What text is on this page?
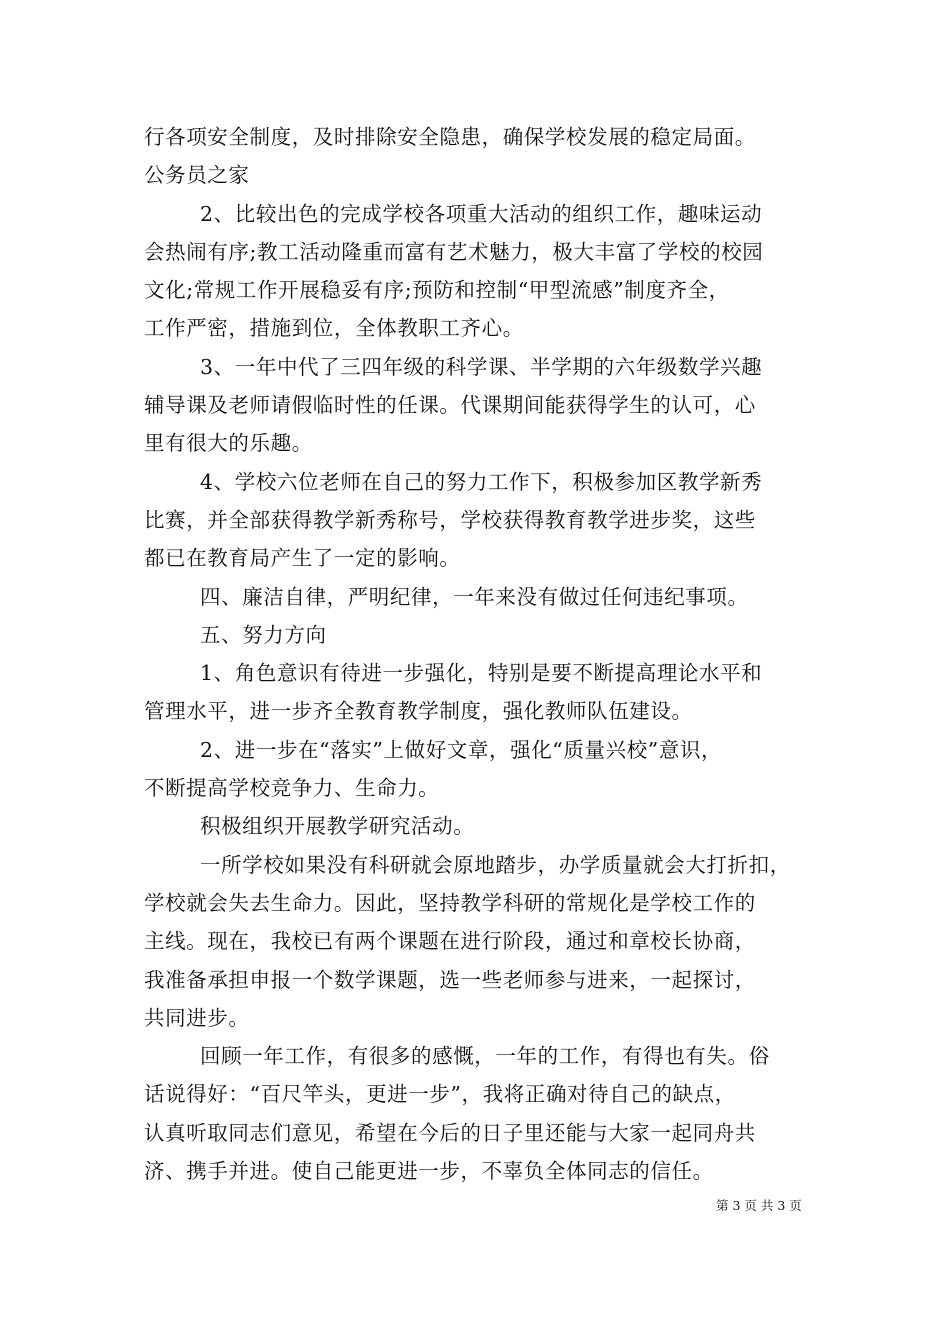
行各项安全制度，及时排除安全隐患，确保学校发展的稳定局面。
公务员之家
2、比较出色的完成学校各项重大活动的组织工作，趣味运动
会热闹有序;教工活动隆重而富有艺术魅力，极大丰富了学校的校园
文化;常规工作开展稳妥有序;预防和控制“甲型流感”制度齐全，
工作严密，措施到位，全体教职工齐心。
3、一年中代了三四年级的科学课、半学期的六年级数学兴趣
辅导课及老师请假临时性的任课。代课期间能获得学生的认可，心
里有很大的乐趣。
4、学校六位老师在自己的努力工作下，积极参加区教学新秀
比赛，并全部获得教学新秀称号，学校获得教育教学进步奖，这些
都已在教育局产生了一定的影响。
四、廉洁自律，严明纪律，一年来没有做过任何违纪事项。
五、努力方向
1、角色意识有待进一步强化，特别是要不断提高理论水平和
管理水平，进一步齐全教育教学制度，强化教师队伍建设。
2、进一步在“落实”上做好文章，强化“质量兴校”意识，
不断提高学校竞争力、生命力。
积极组织开展教学研究活动。
一所学校如果没有科研就会原地踏步，办学质量就会大打折扣，
学校就会失去生命力。因此，坚持教学科研的常规化是学校工作的
主线。现在，我校已有两个课题在进行阶段，通过和章校长协商，
我准备承担申报一个数学课题，选一些老师参与进来，一起探讨，
共同进步。
回顾一年工作，有很多的感慨，一年的工作，有得也有失。俗
话说得好：“百尺竿头，更进一步”，我将正确对待自己的缺点，
认真听取同志们意见，希望在今后的日子里还能与大家一起同舟共
济、携手并进。使自己能更进一步，不辜负全体同志的信任。
第 3 页 共 3 页
